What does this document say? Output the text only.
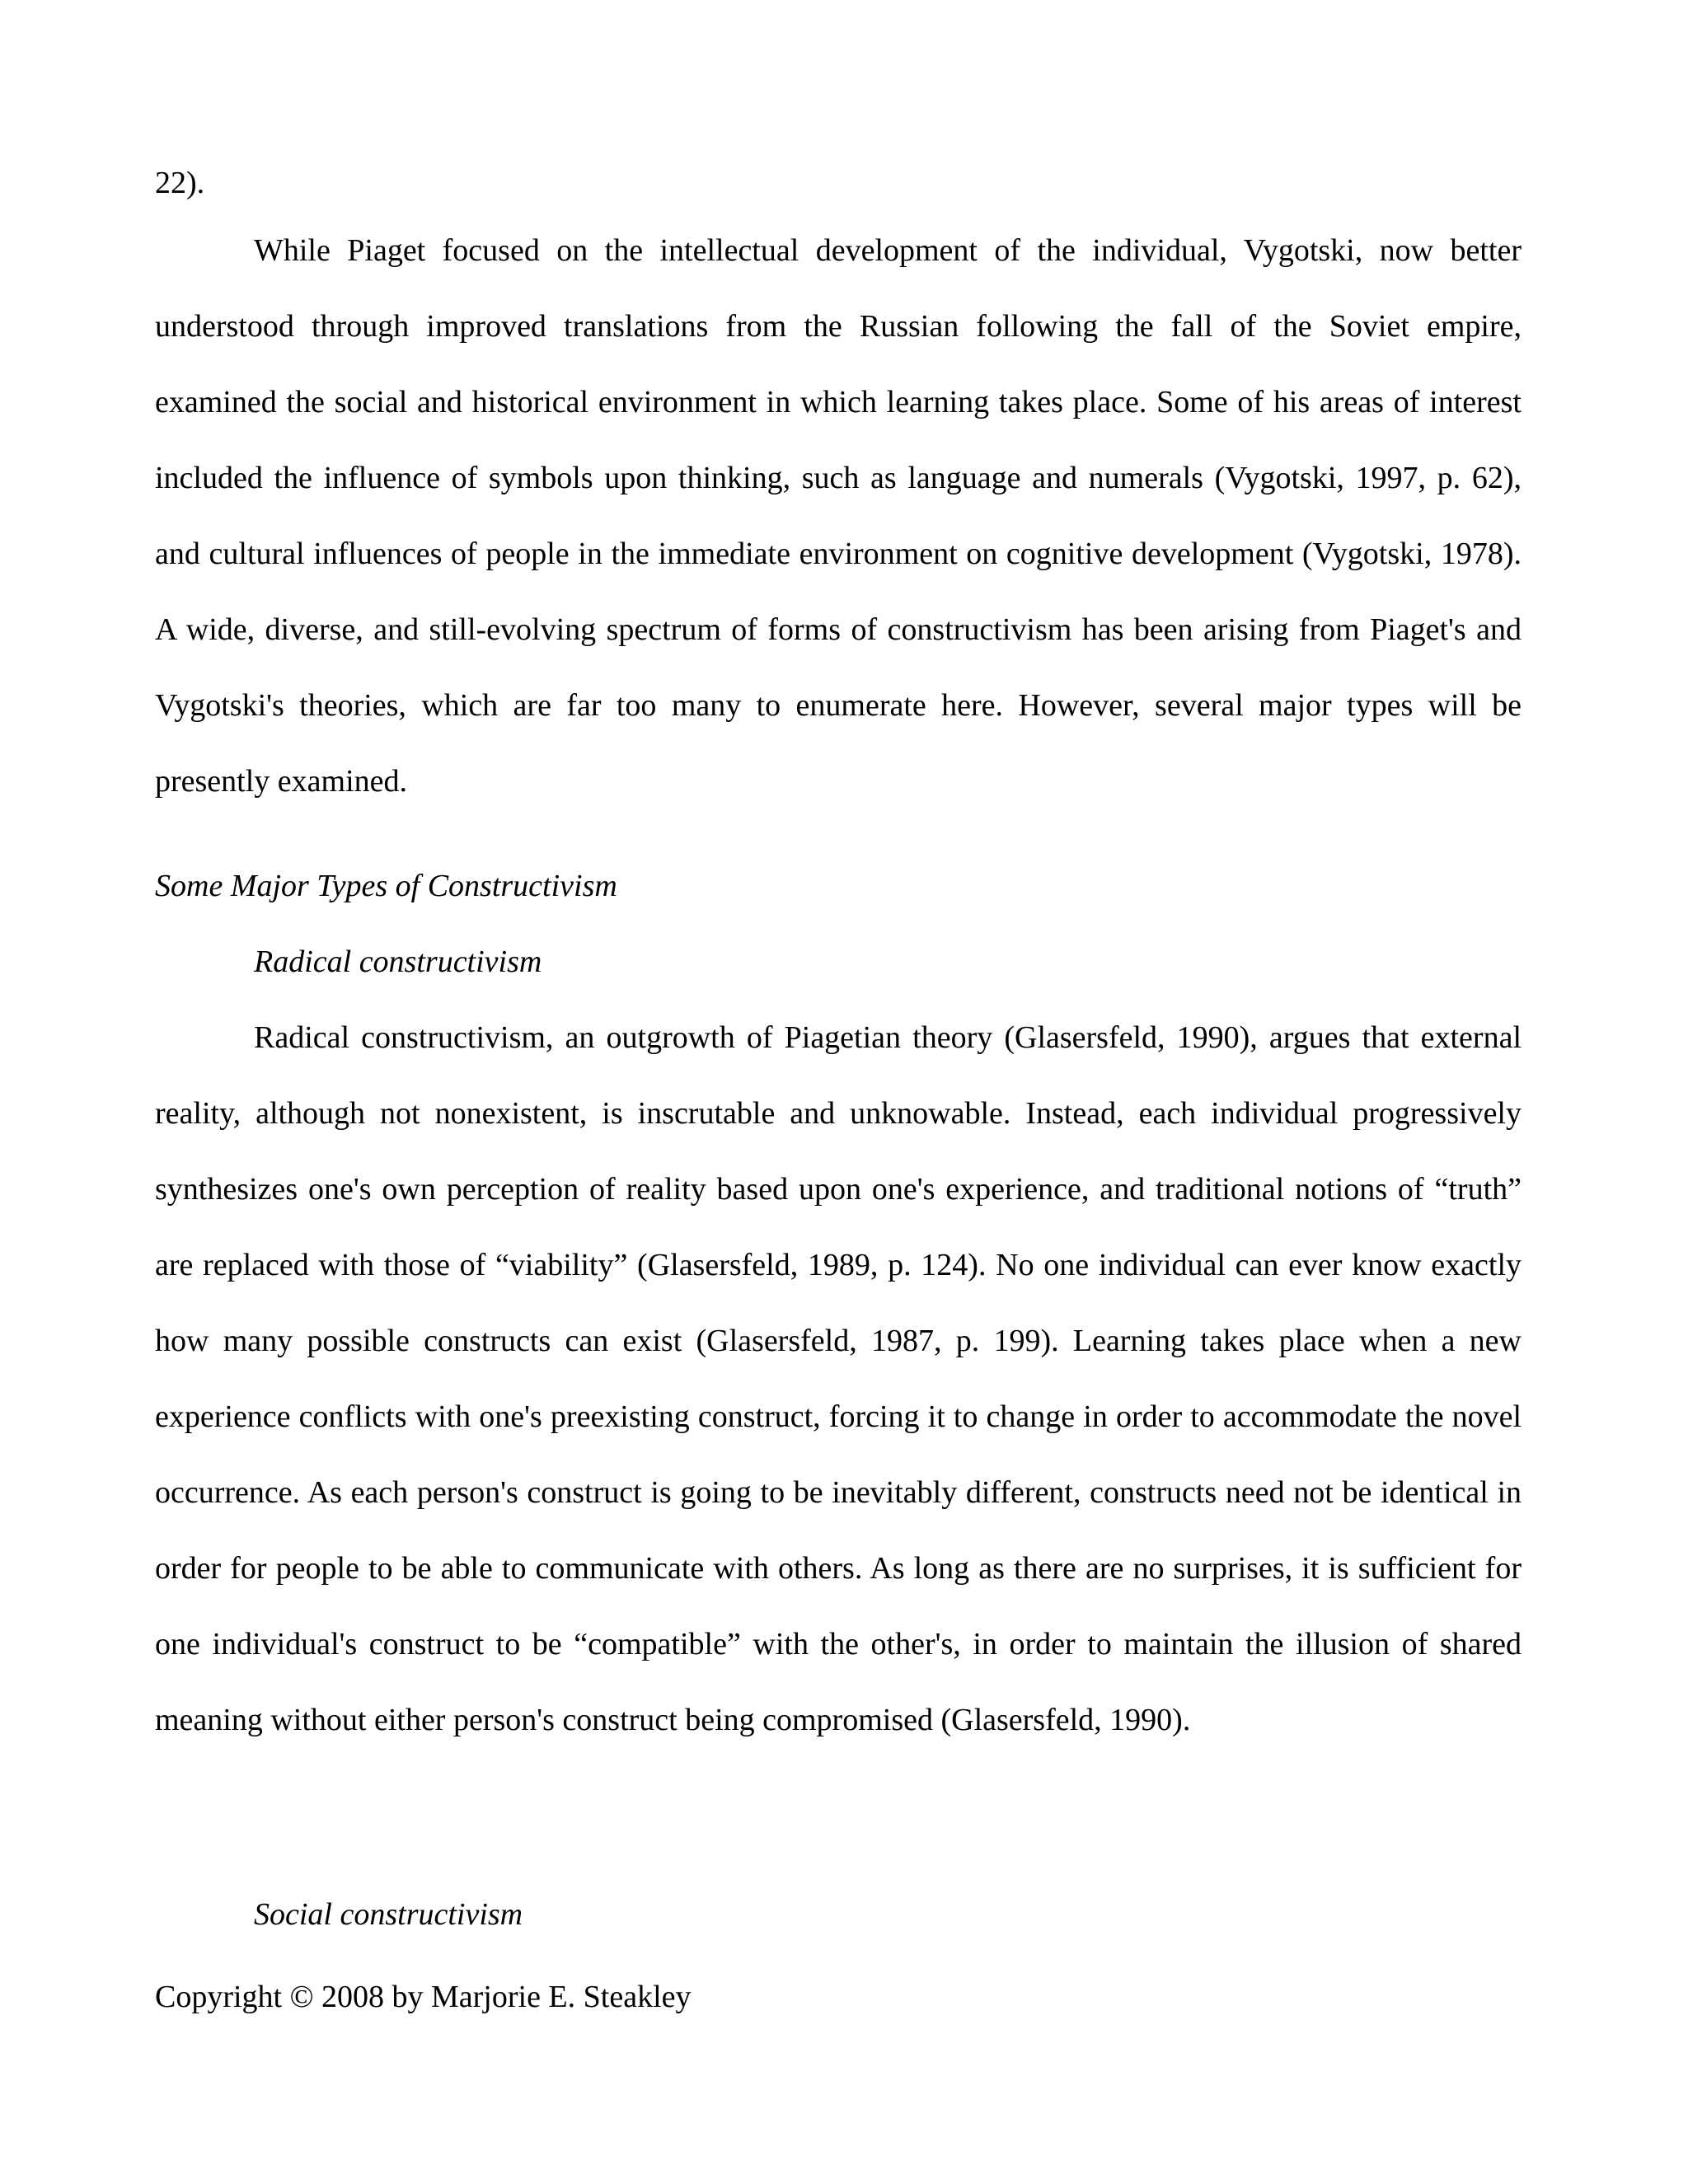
22).

While Piaget focused on the intellectual development of the individual, Vygotski, now better understood through improved translations from the Russian following the fall of the Soviet empire, examined the social and historical environment in which learning takes place. Some of his areas of interest included the influence of symbols upon thinking, such as language and numerals (Vygotski, 1997, p. 62), and cultural influences of people in the immediate environment on cognitive development (Vygotski, 1978). A wide, diverse, and still-evolving spectrum of forms of constructivism has been arising from Piaget's and Vygotski's theories, which are far too many to enumerate here. However, several major types will be presently examined.

Some Major Types of Constructivism

Radical constructivism

Radical constructivism, an outgrowth of Piagetian theory (Glasersfeld, 1990), argues that external reality, although not nonexistent, is inscrutable and unknowable. Instead, each individual progressively synthesizes one's own perception of reality based upon one's experience, and traditional notions of “truth” are replaced with those of “viability” (Glasersfeld, 1989, p. 124). No one individual can ever know exactly how many possible constructs can exist (Glasersfeld, 1987, p. 199). Learning takes place when a new experience conflicts with one's preexisting construct, forcing it to change in order to accommodate the novel occurrence. As each person's construct is going to be inevitably different, constructs need not be identical in order for people to be able to communicate with others. As long as there are no surprises, it is sufficient for one individual's construct to be “compatible” with the other's, in order to maintain the illusion of shared meaning without either person's construct being compromised (Glasersfeld, 1990).

Social constructivism

Copyright © 2008 by Marjorie E. Steakley
